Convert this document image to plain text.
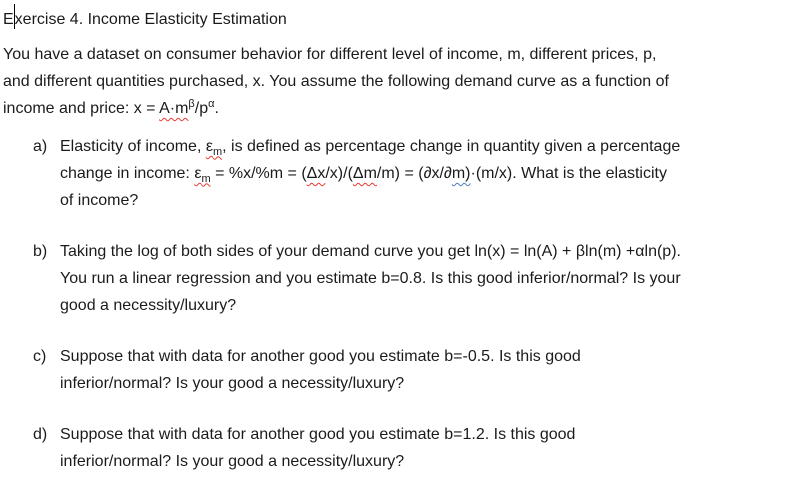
Exercise 4. Income Elasticity Estimation
You have a dataset on consumer behavior for different level of income, m, different prices, p,
and different quantities purchased, x. You assume the following demand curve as a function of
income and price: $x = A\cdot m^\beta/p^\alpha$.
a) Elasticity of income, $\varepsilon_m$, is defined as percentage change in quantity given a percentage
change in income: $\varepsilon_m = \%x/\%m = (\Delta x/x)/(\Delta m/m) = (\partial x/\partial m)\cdot(m/x)$. What is the elasticity
of income?
b) Taking the log of both sides of your demand curve you get ln(x) = ln(A) + βln(m) +αln(p).
You run a linear regression and you estimate b=0.8. Is this good inferior/normal? Is your
good a necessity/luxury?
c) Suppose that with data for another good you estimate b=-0.5. Is this good
inferior/normal? Is your good a necessity/luxury?
d) Suppose that with data for another good you estimate b=1.2. Is this good
inferior/normal? Is your good a necessity/luxury?
